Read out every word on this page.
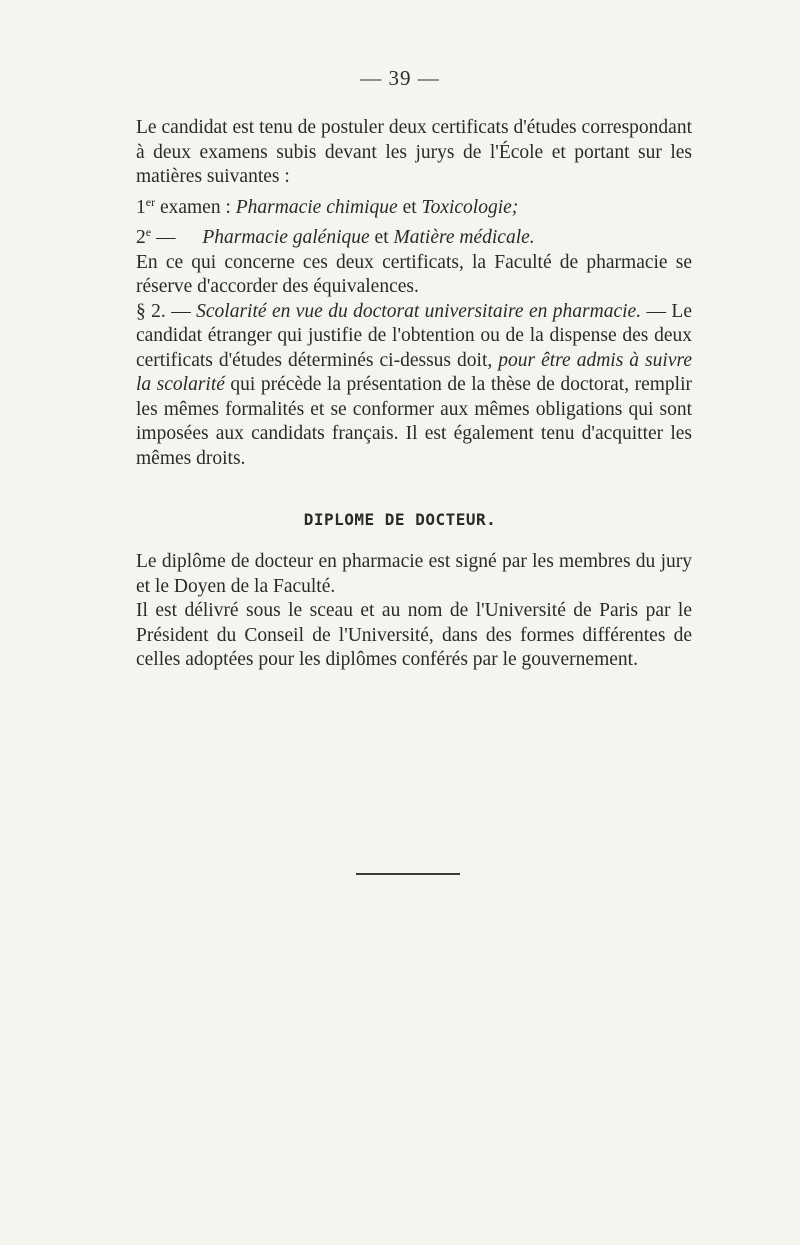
— 39 —

Le candidat est tenu de postuler deux certificats d'études correspondant à deux examens subis devant les jurys de l'École et portant sur les matières suivantes :

1er examen : Pharmacie chimique et Toxicologie;

2e — Pharmacie galénique et Matière médicale.

En ce qui concerne ces deux certificats, la Faculté de pharmacie se réserve d'accorder des équivalences.

§ 2. — Scolarité en vue du doctorat universitaire en pharmacie. — Le candidat étranger qui justifie de l'obtention ou de la dispense des deux certificats d'études déterminés ci-dessus doit, pour être admis à suivre la scolarité qui précède la présentation de la thèse de doctorat, remplir les mêmes formalités et se conformer aux mêmes obligations qui sont imposées aux candidats français. Il est également tenu d'acquitter les mêmes droits.

DIPLOME DE DOCTEUR.

Le diplôme de docteur en pharmacie est signé par les membres du jury et le Doyen de la Faculté.

Il est délivré sous le sceau et au nom de l'Université de Paris par le Président du Conseil de l'Université, dans des formes différentes de celles adoptées pour les diplômes conférés par le gouvernement.
